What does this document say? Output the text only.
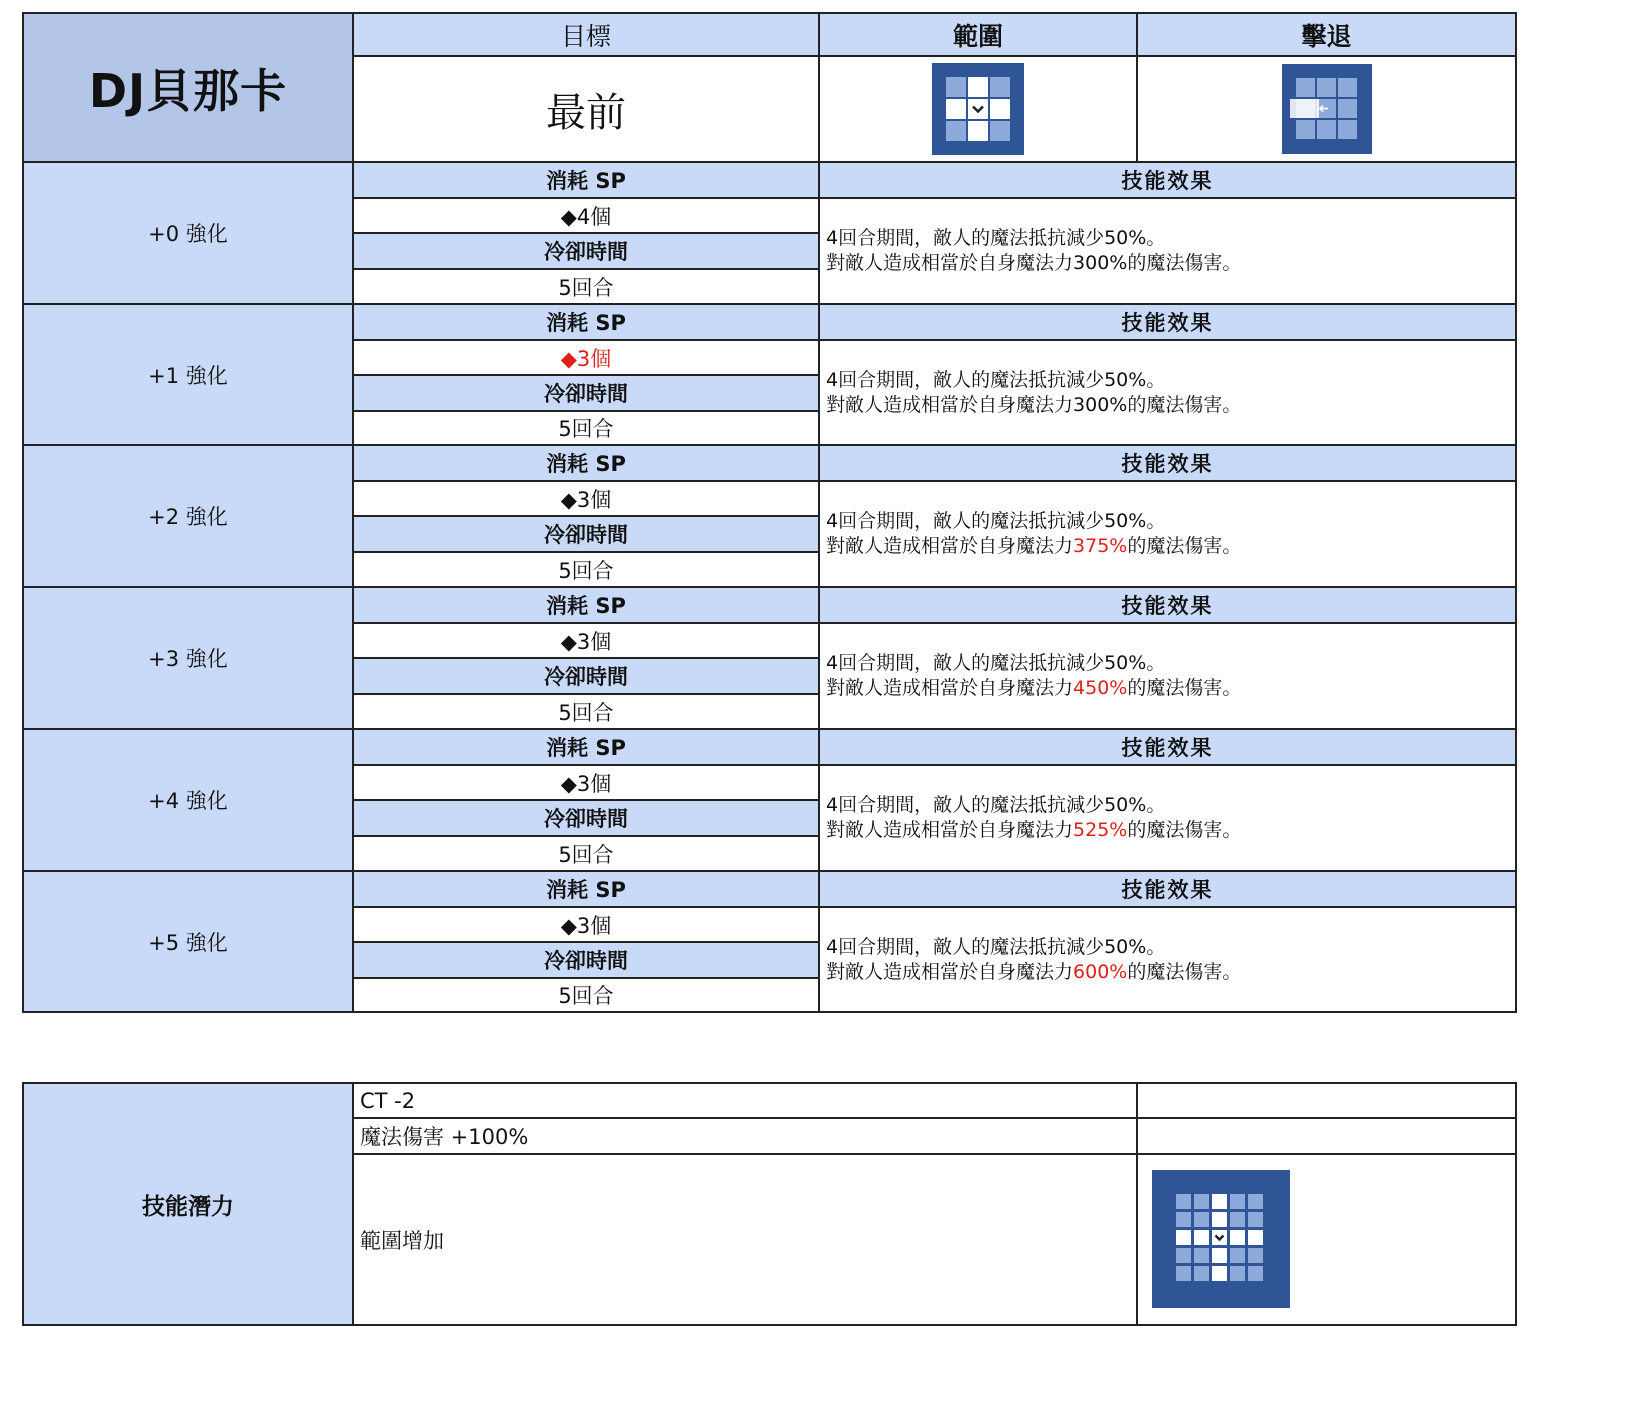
DJ貝那卡
目標	範圍	擊退
最前
+0 強化
消耗 SP
◆4個
冷卻時間
5回合
技能效果
4回合期間，敵人的魔法抵抗減少50%。
對敵人造成相當於自身魔法力300%的魔法傷害。
+1 強化
消耗 SP
◆3個
冷卻時間
5回合
技能效果
4回合期間，敵人的魔法抵抗減少50%。
對敵人造成相當於自身魔法力300%的魔法傷害。
+2 強化
消耗 SP
◆3個
冷卻時間
5回合
技能效果
4回合期間，敵人的魔法抵抗減少50%。
對敵人造成相當於自身魔法力375%的魔法傷害。
+3 強化
消耗 SP
◆3個
冷卻時間
5回合
技能效果
4回合期間，敵人的魔法抵抗減少50%。
對敵人造成相當於自身魔法力450%的魔法傷害。
+4 強化
消耗 SP
◆3個
冷卻時間
5回合
技能效果
4回合期間，敵人的魔法抵抗減少50%。
對敵人造成相當於自身魔法力525%的魔法傷害。
+5 強化
消耗 SP
◆3個
冷卻時間
5回合
技能效果
4回合期間，敵人的魔法抵抗減少50%。
對敵人造成相當於自身魔法力600%的魔法傷害。
技能潛力
CT -2
魔法傷害 +100%
範圍增加
